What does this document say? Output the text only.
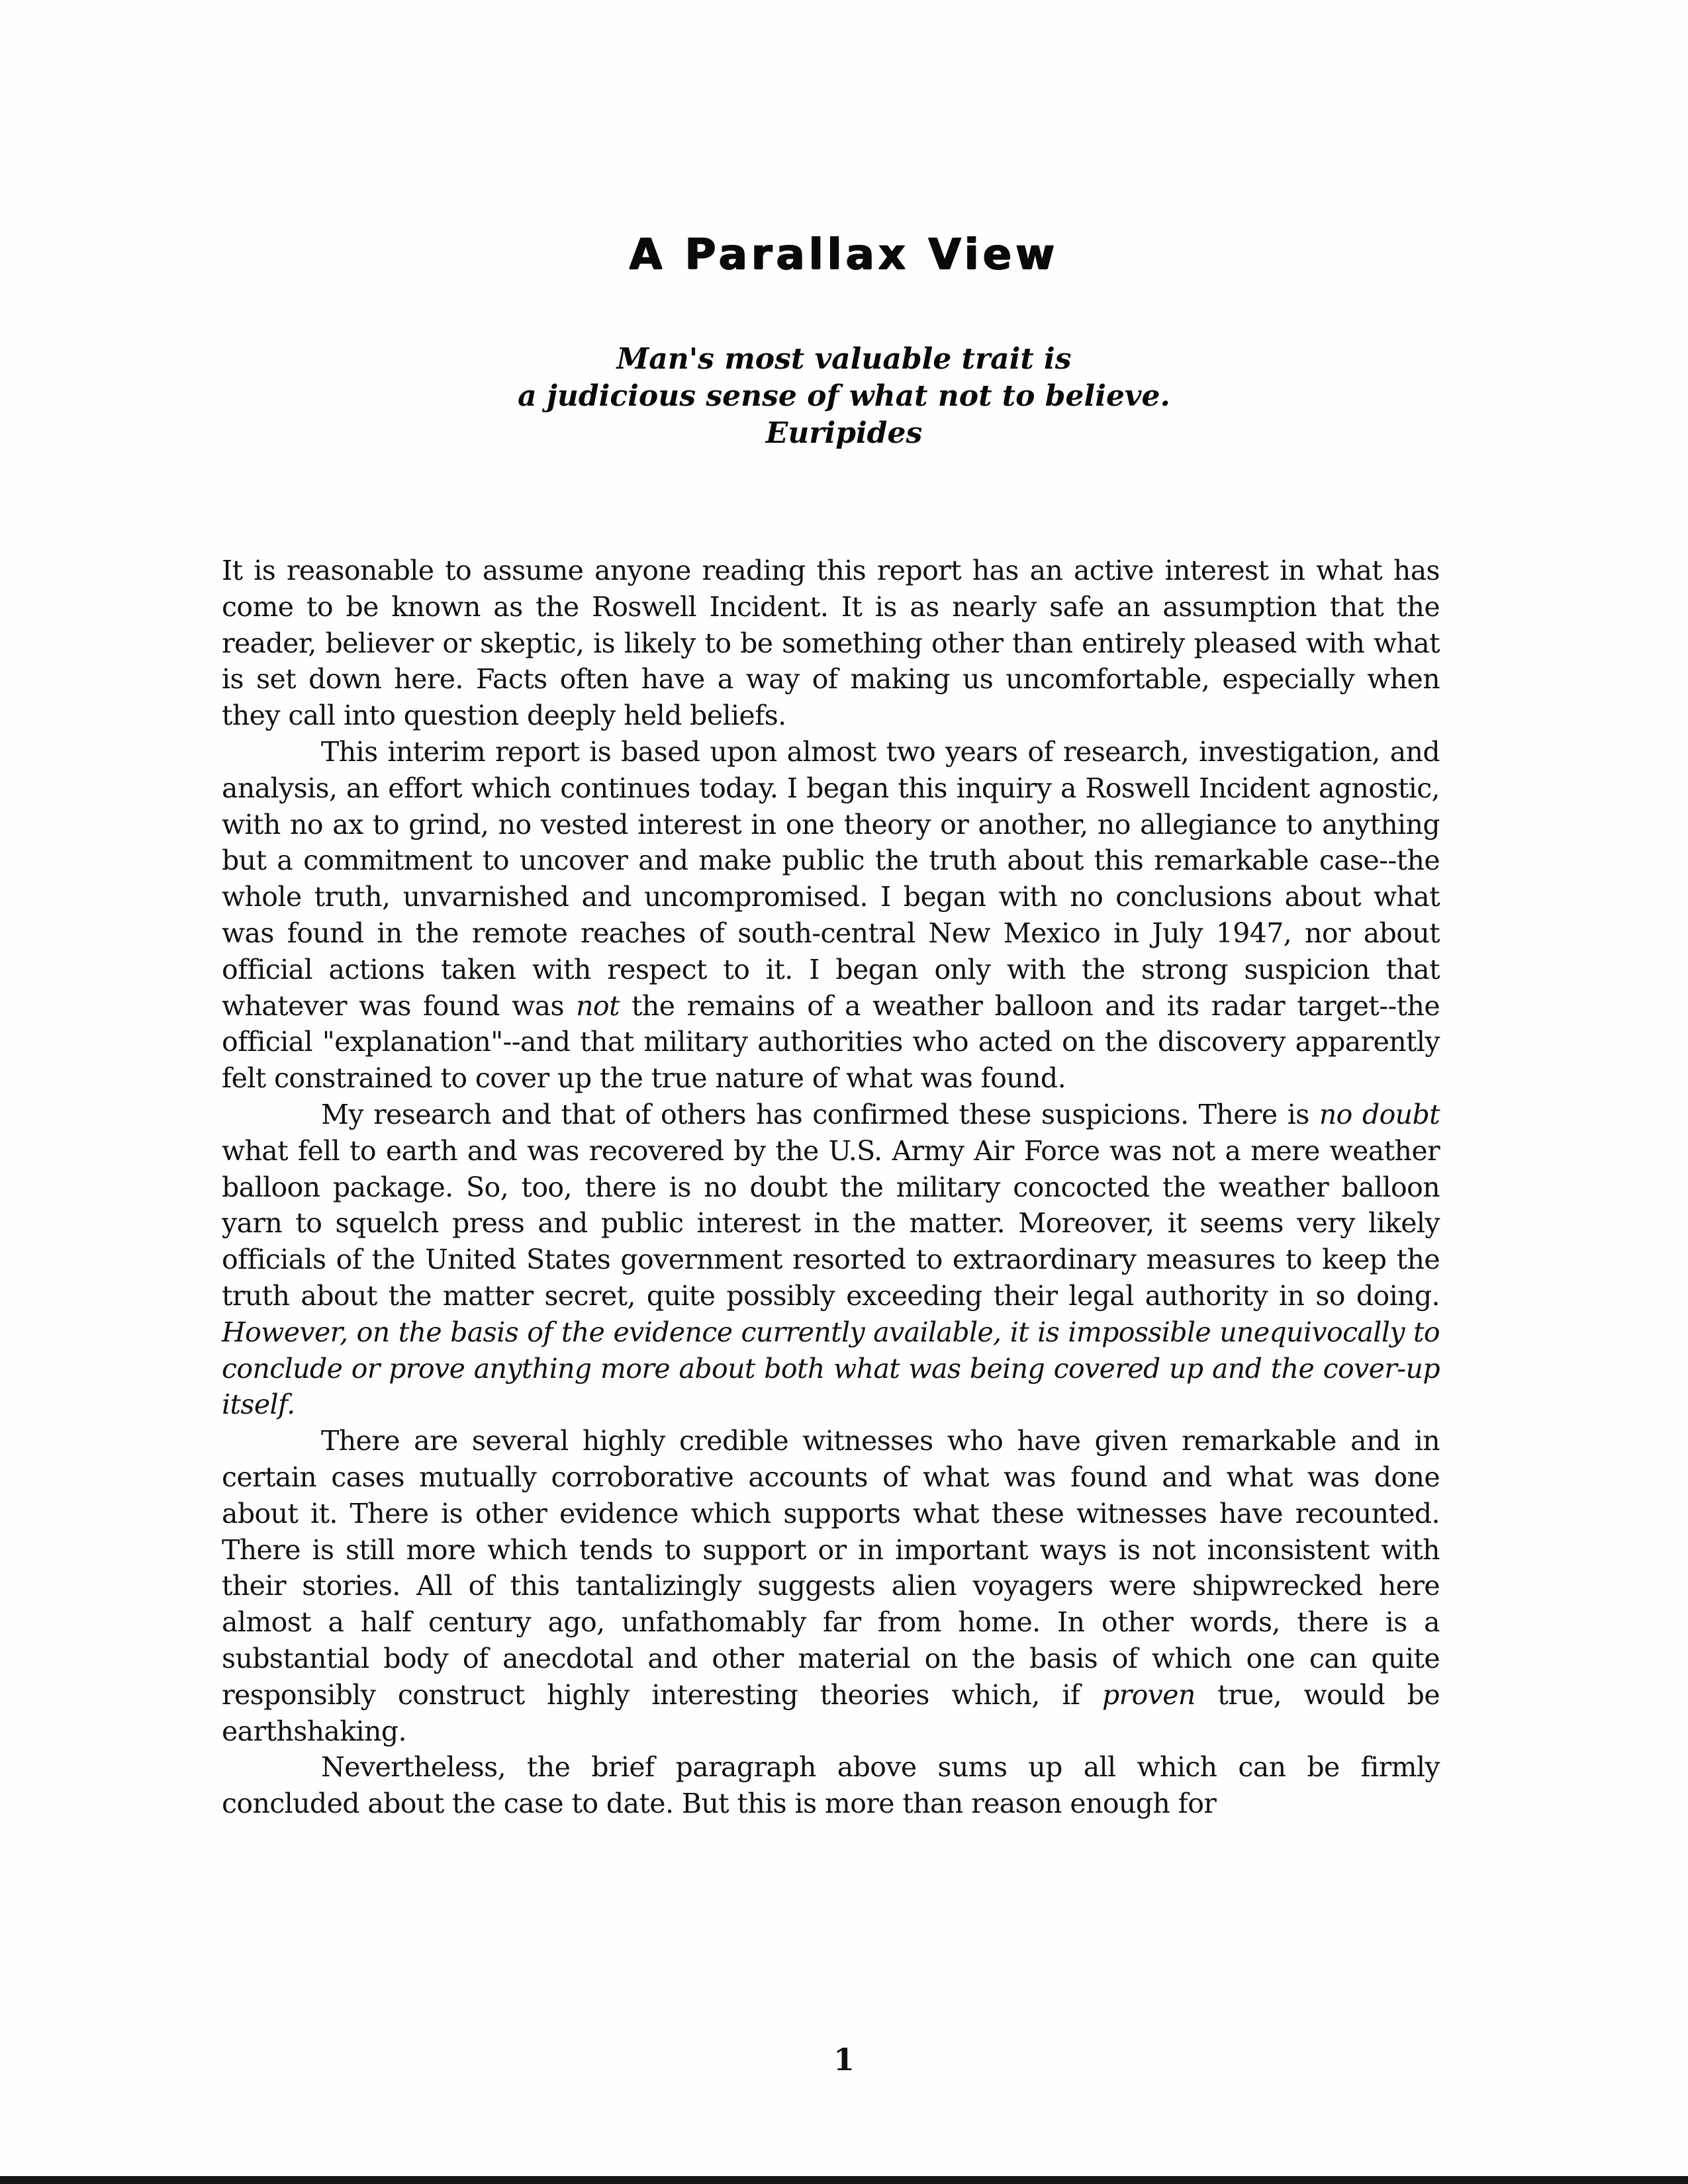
A Parallax View
Man's most valuable trait is
a judicious sense of what not to believe.
Euripides

It is reasonable to assume anyone reading this report has an active interest in what has come to be known as the Roswell Incident. It is as nearly safe an assumption that the reader, believer or skeptic, is likely to be something other than entirely pleased with what is set down here. Facts often have a way of making us uncomfortable, especially when they call into question deeply held beliefs.

This interim report is based upon almost two years of research, investigation, and analysis, an effort which continues today. I began this inquiry a Roswell Incident agnostic, with no ax to grind, no vested interest in one theory or another, no allegiance to anything but a commitment to uncover and make public the truth about this remarkable case--the whole truth, unvarnished and uncompromised. I began with no conclusions about what was found in the remote reaches of south-central New Mexico in July 1947, nor about official actions taken with respect to it. I began only with the strong suspicion that whatever was found was not the remains of a weather balloon and its radar target--the official "explanation"--and that military authorities who acted on the discovery apparently felt constrained to cover up the true nature of what was found.

My research and that of others has confirmed these suspicions. There is no doubt what fell to earth and was recovered by the U.S. Army Air Force was not a mere weather balloon package. So, too, there is no doubt the military concocted the weather balloon yarn to squelch press and public interest in the matter. Moreover, it seems very likely officials of the United States government resorted to extraordinary measures to keep the truth about the matter secret, quite possibly exceeding their legal authority in so doing. However, on the basis of the evidence currently available, it is impossible unequivocally to conclude or prove anything more about both what was being covered up and the cover-up itself.

There are several highly credible witnesses who have given remarkable and in certain cases mutually corroborative accounts of what was found and what was done about it. There is other evidence which supports what these witnesses have recounted. There is still more which tends to support or in important ways is not inconsistent with their stories. All of this tantalizingly suggests alien voyagers were shipwrecked here almost a half century ago, unfathomably far from home. In other words, there is a substantial body of anecdotal and other material on the basis of which one can quite responsibly construct highly interesting theories which, if proven true, would be earthshaking.

Nevertheless, the brief paragraph above sums up all which can be firmly concluded about the case to date. But this is more than reason enough for

1
